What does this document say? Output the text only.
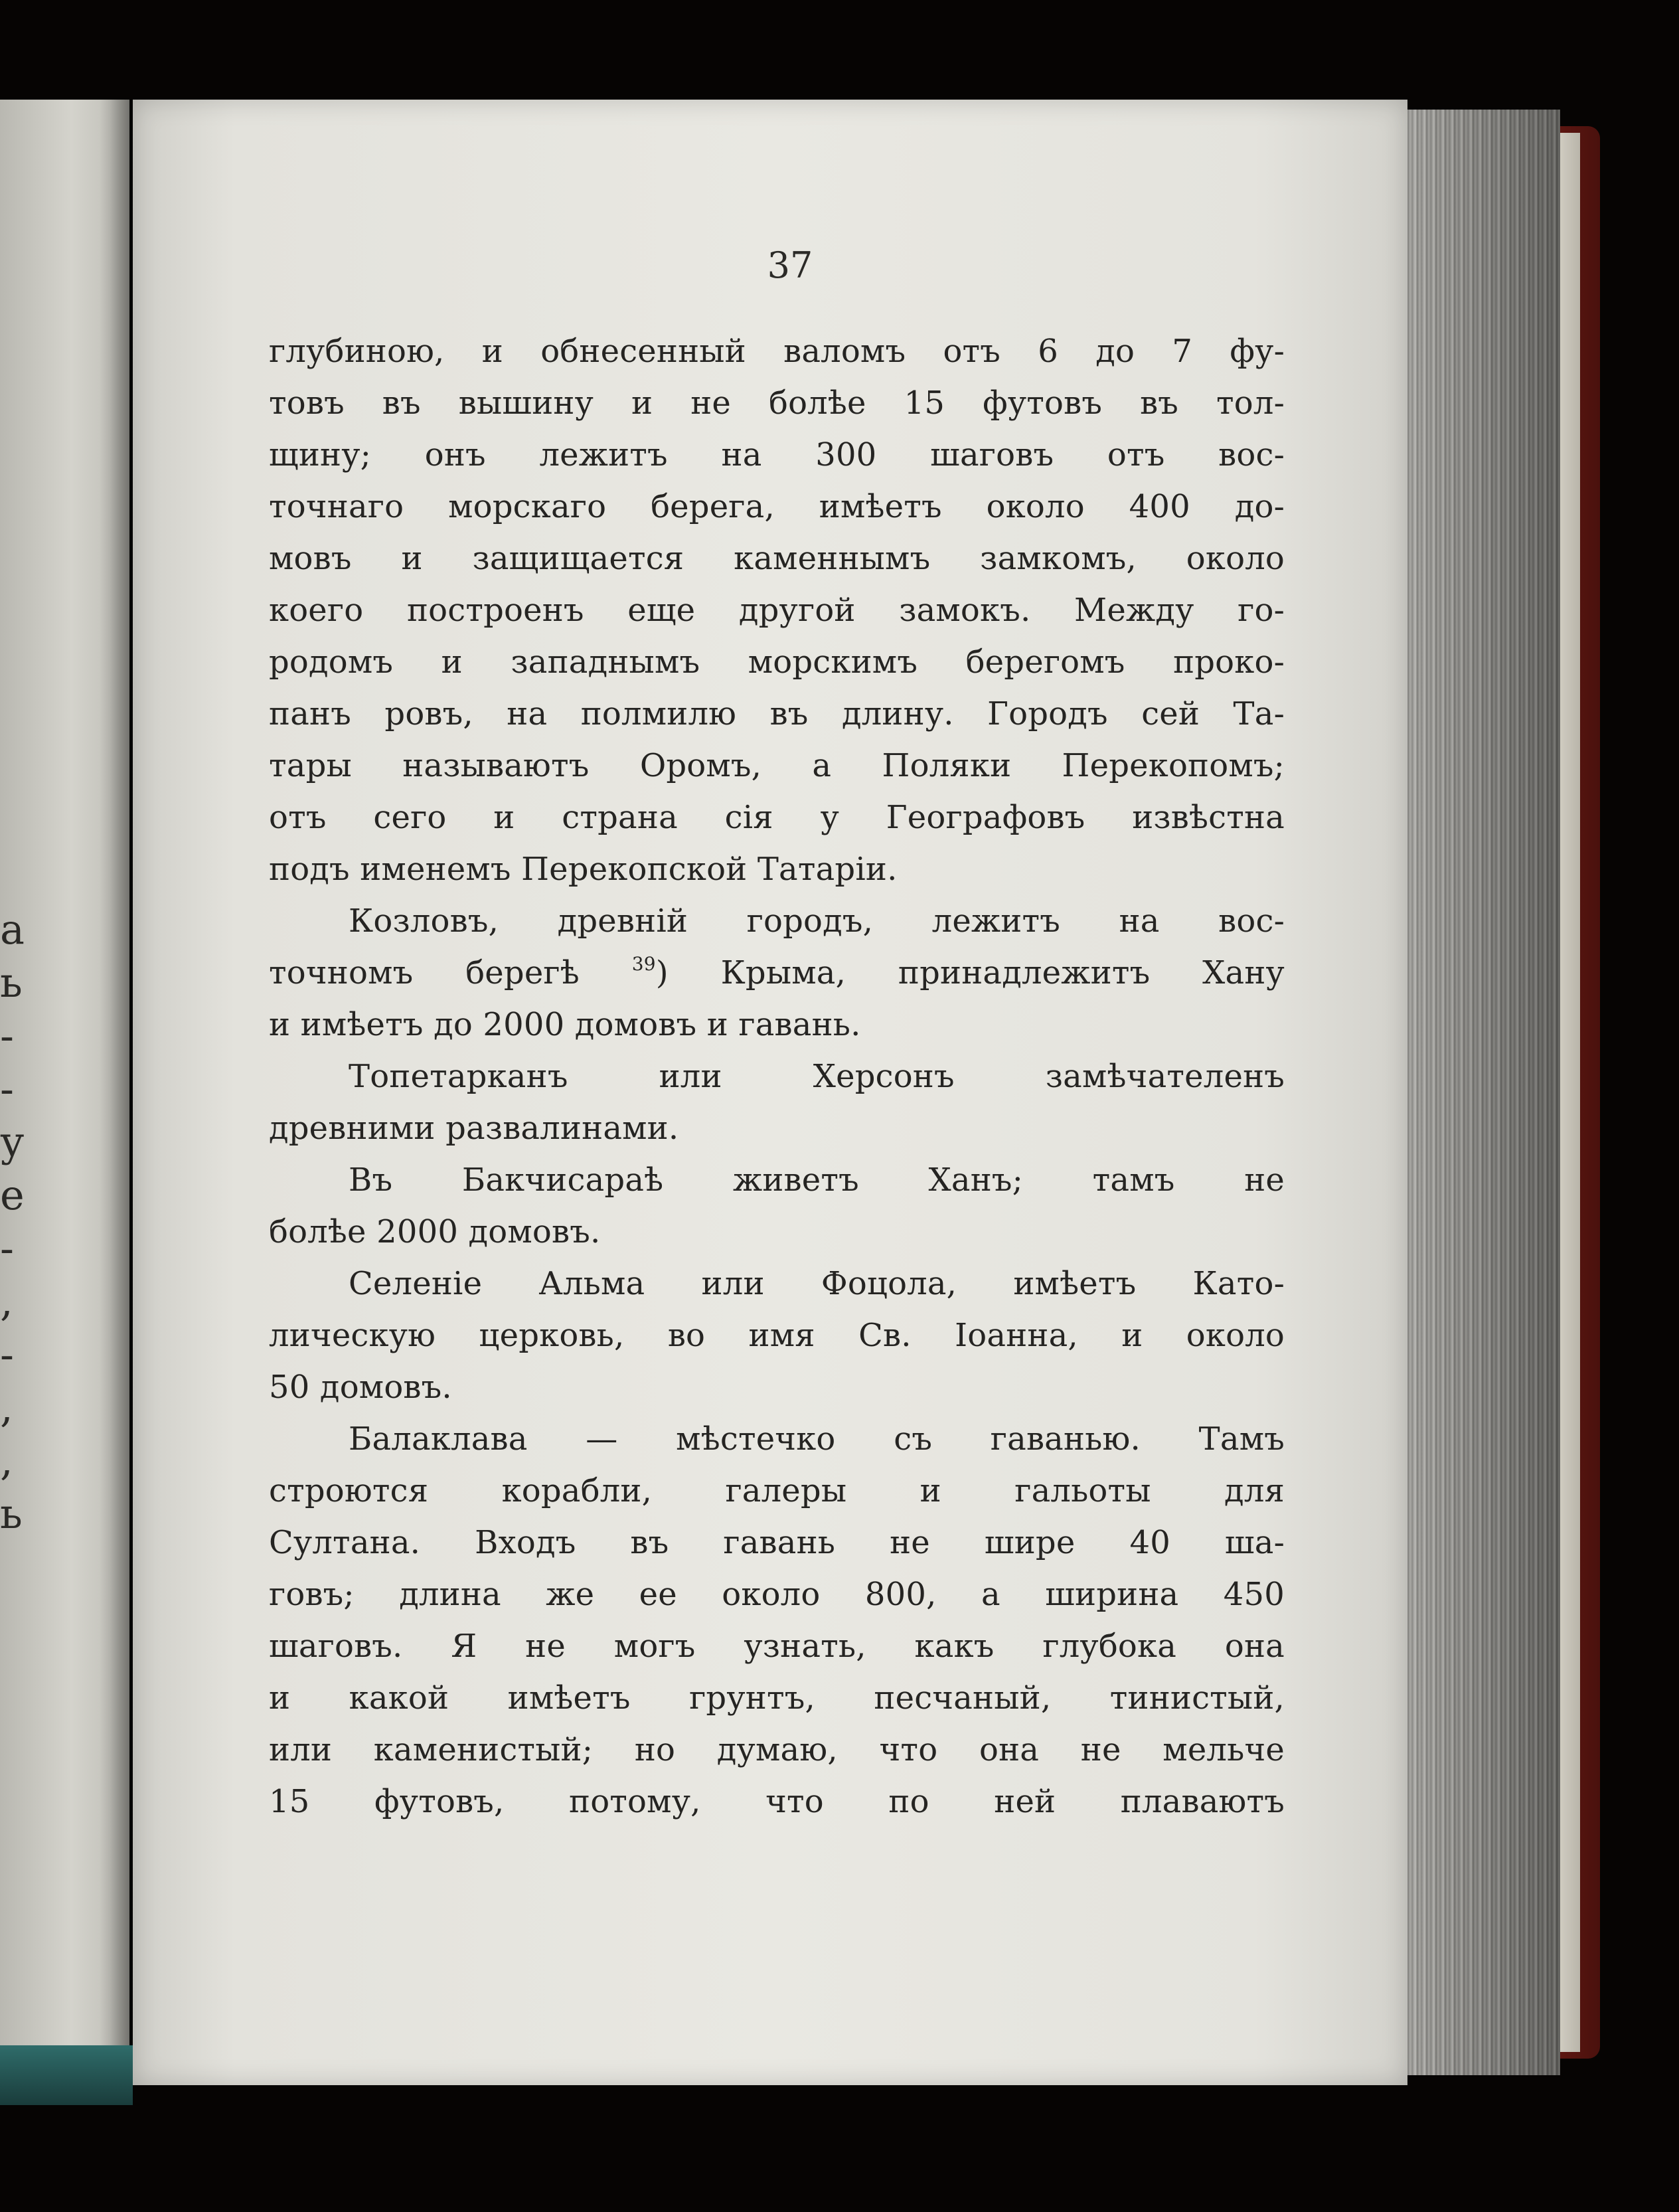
а
ь
-
-
у
е
-
,
-
,
,
ь
37

глубиною, и обнесенный валомъ отъ 6 до 7 фу-
товъ въ вышину и не болѣе 15 футовъ въ тол-
щину; онъ лежитъ на 300 шаговъ отъ вос-
точнаго морскаго берега, имѣетъ около 400 до-
мовъ и защищается каменнымъ замкомъ, около
коего построенъ еще другой замокъ. Между го-
родомъ и западнымъ морскимъ берегомъ проко-
панъ ровъ, на полмилю въ длину. Городъ сей Та-
тары называютъ Оромъ, а Поляки Перекопомъ;
отъ сего и страна сія у Географовъ извѣстна
подъ именемъ Перекопской Татаріи.

Козловъ, древній городъ, лежитъ на вос-
точномъ берегѣ	$^{39}$) Крыма, принадлежитъ Хану
и имѣетъ до 2000 домовъ и гавань.

Топетарканъ или Херсонъ замѣчателенъ
древними развалинами.

Въ Бакчисараѣ живетъ Ханъ; тамъ не
болѣе 2000 домовъ.

Селеніе Альма или Фоцола, имѣетъ Като-
лическую церковь, во имя Св. Іоанна, и около
50 домовъ.

Балаклава — мѣстечко съ гаванью. Тамъ
строются корабли, галеры и гальоты для
Султана. Входъ въ гавань не шире 40 ша-
говъ; длина же ее около 800, а ширина 450
шаговъ. Я не могъ узнать, какъ глубока она
и какой имѣетъ грунтъ, песчаный, тинистый,
или каменистый; но думаю, что она не мельче
15 футовъ, потому, что по ней плаваютъ
